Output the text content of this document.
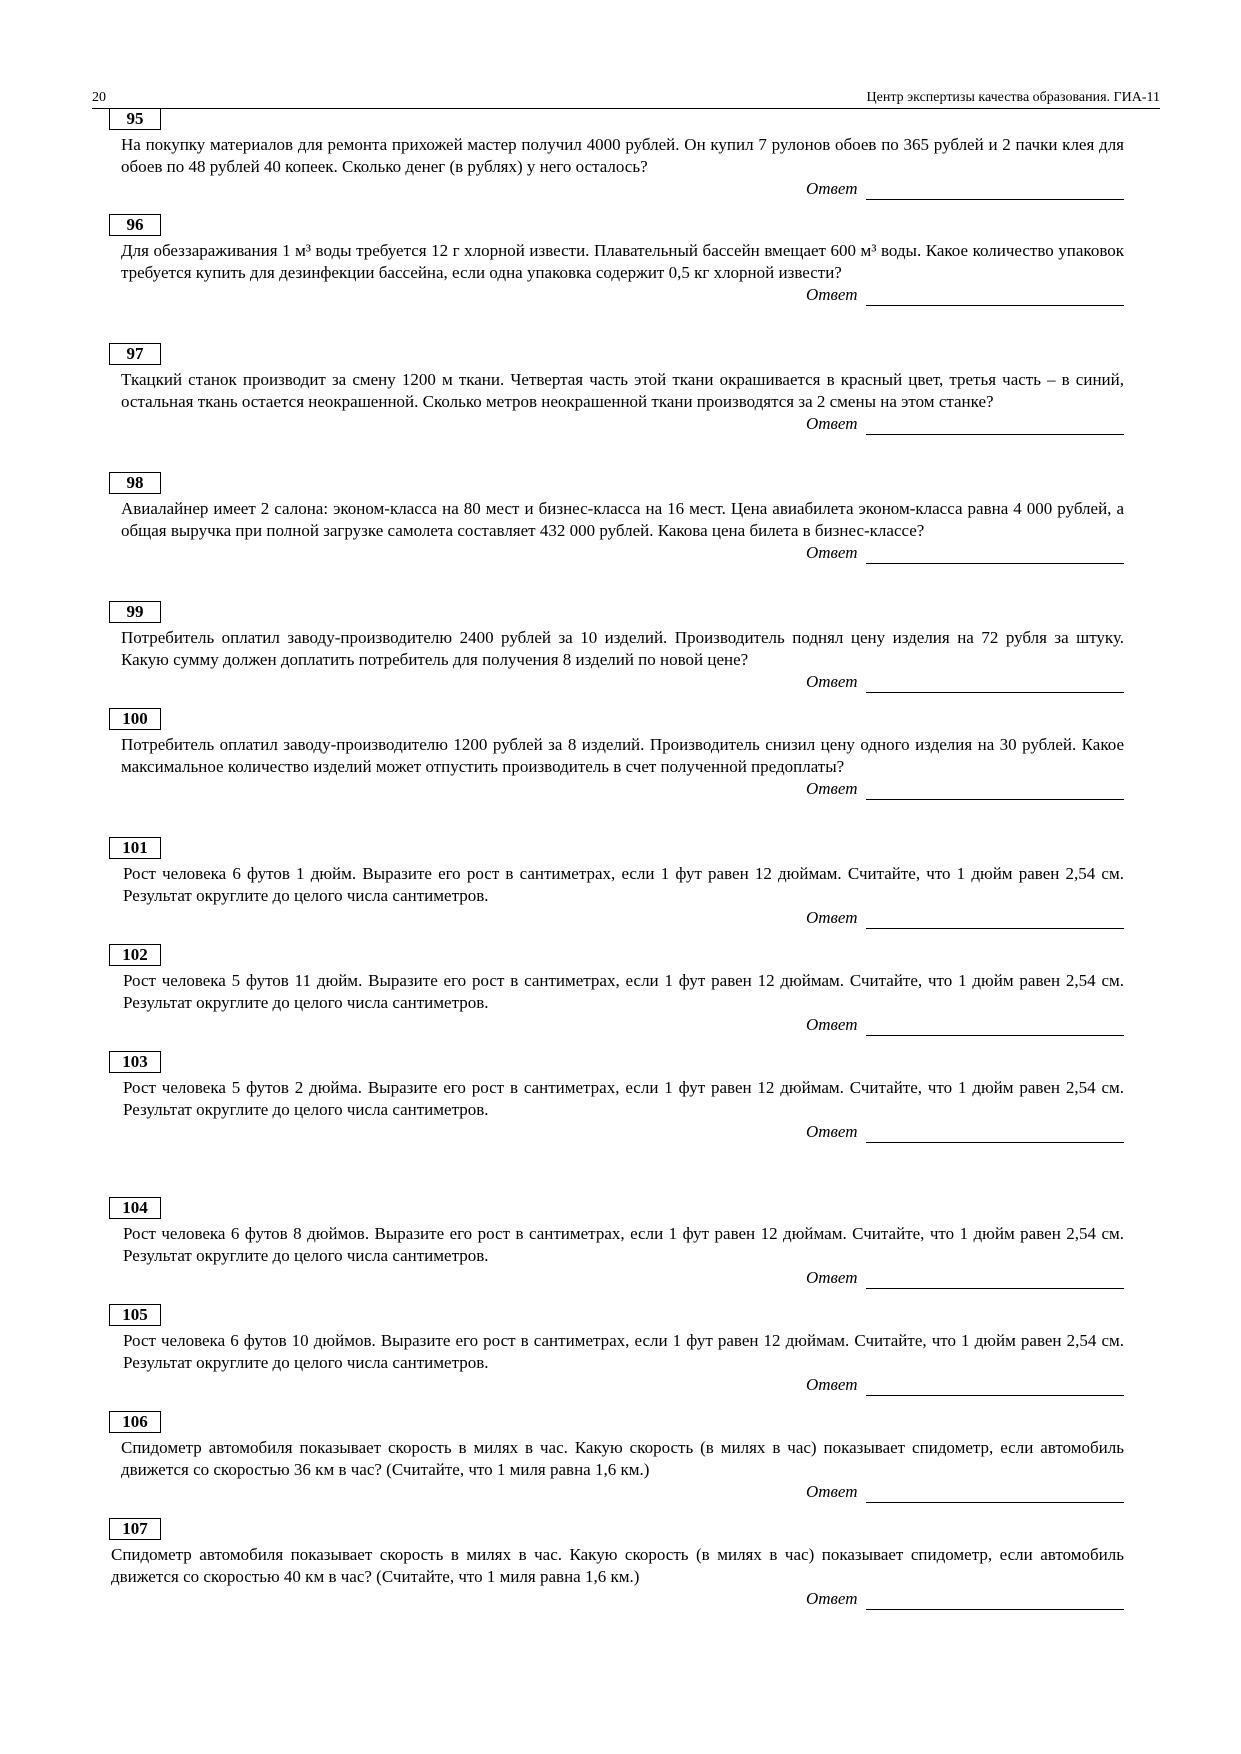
20	Центр экспертизы качества образования. ГИА-11
95
На покупку материалов для ремонта прихожей мастер получил 4000 рублей. Он купил 7 рулонов обоев по 365 рублей и 2 пачки клея для обоев по 48 рублей 40 копеек. Сколько денег (в рублях) у него осталось?
Ответ
96
Для обеззараживания 1 м³ воды требуется 12 г хлорной извести. Плавательный бассейн вмещает 600 м³ воды. Какое количество упаковок требуется купить для дезинфекции бассейна, если одна упаковка содержит 0,5 кг хлорной извести?
Ответ
97
Ткацкий станок производит за смену 1200 м ткани. Четвертая часть этой ткани окрашивается в красный цвет, третья часть – в синий, остальная ткань остается неокрашенной. Сколько метров неокрашенной ткани производятся за 2 смены на этом станке?
Ответ
98
Авиалайнер имеет 2 салона: эконом-класса на 80 мест и бизнес-класса на 16 мест. Цена авиабилета эконом-класса равна 4 000 рублей, а общая выручка при полной загрузке самолета составляет 432 000 рублей. Какова цена билета в бизнес-классе?
Ответ
99
Потребитель оплатил заводу-производителю 2400 рублей за 10 изделий. Производитель поднял цену изделия на 72 рубля за штуку. Какую сумму должен доплатить потребитель для получения 8 изделий по новой цене?
Ответ
100
Потребитель оплатил заводу-производителю 1200 рублей за 8 изделий. Производитель снизил цену одного изделия на 30 рублей. Какое максимальное количество изделий может отпустить производитель в счет полученной предоплаты?
Ответ
101
Рост человека 6 футов 1 дюйм. Выразите его рост в сантиметрах, если 1 фут равен 12 дюймам. Считайте, что 1 дюйм равен 2,54 см. Результат округлите до целого числа сантиметров.
Ответ
102
Рост человека 5 футов 11 дюйм. Выразите его рост в сантиметрах, если 1 фут равен 12 дюймам. Считайте, что 1 дюйм равен 2,54 см. Результат округлите до целого числа сантиметров.
Ответ
103
Рост человека 5 футов 2 дюйма. Выразите его рост в сантиметрах, если 1 фут равен 12 дюймам. Считайте, что 1 дюйм равен 2,54 см. Результат округлите до целого числа сантиметров.
Ответ
104
Рост человека 6 футов 8 дюймов. Выразите его рост в сантиметрах, если 1 фут равен 12 дюймам. Считайте, что 1 дюйм равен 2,54 см. Результат округлите до целого числа сантиметров.
Ответ
105
Рост человека 6 футов 10 дюймов. Выразите его рост в сантиметрах, если 1 фут равен 12 дюймам. Считайте, что 1 дюйм равен 2,54 см. Результат округлите до целого числа сантиметров.
Ответ
106
Спидометр автомобиля показывает скорость в милях в час. Какую скорость (в милях в час) показывает спидометр, если автомобиль движется со скоростью 36 км в час? (Считайте, что 1 миля равна 1,6 км.)
Ответ
107
Спидометр автомобиля показывает скорость в милях в час. Какую скорость (в милях в час) показывает спидометр, если автомобиль движется со скоростью 40 км в час? (Считайте, что 1 миля равна 1,6 км.)
Ответ
